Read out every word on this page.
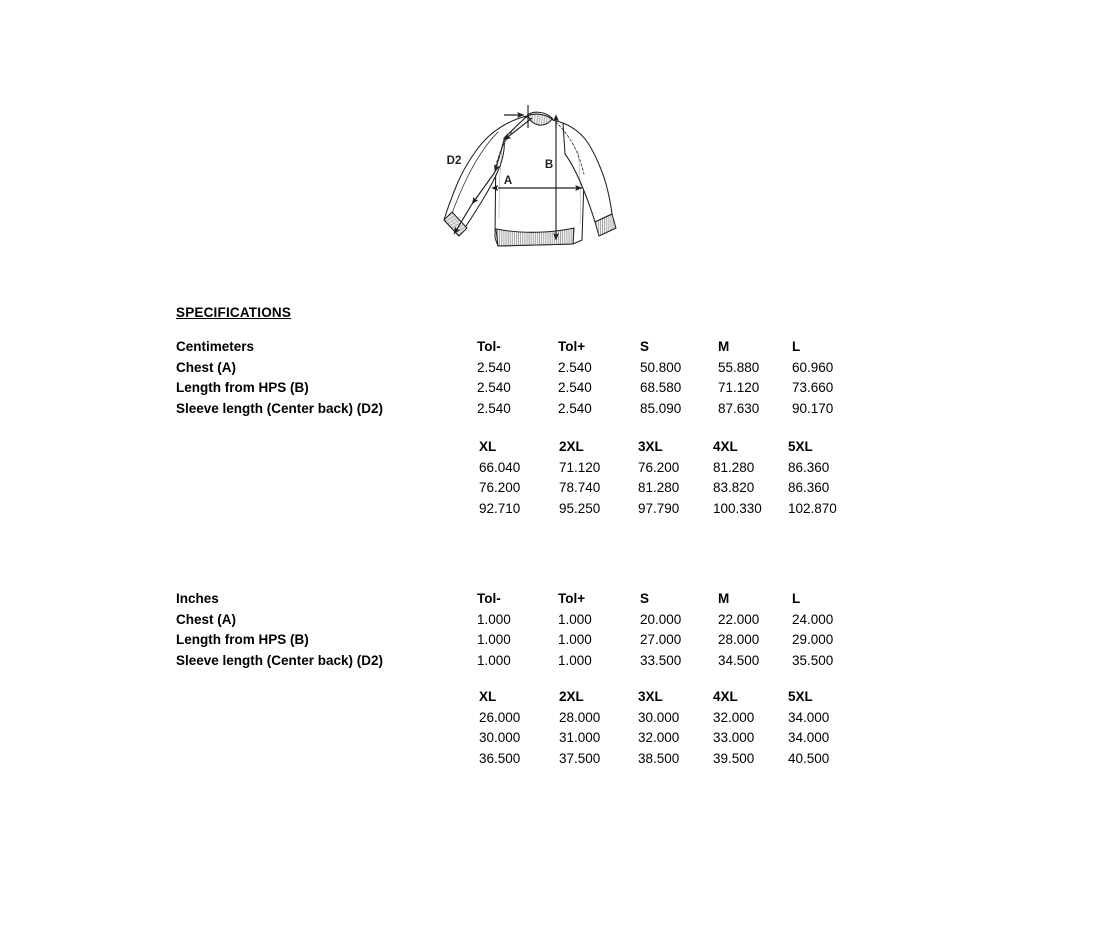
A
B
D2
SPECIFICATIONS
Centimeters	Tol-	Tol+	S	M	L
Chest (A)	2.540	2.540	50.800	55.880	60.960
Length from HPS (B)	2.540	2.540	68.580	71.120	73.660
Sleeve length (Center back) (D2)	2.540	2.540	85.090	87.630	90.170
	XL	2XL	3XL	4XL	5XL
	66.040	71.120	76.200	81.280	86.360
	76.200	78.740	81.280	83.820	86.360
	92.710	95.250	97.790	100.330	102.870
Inches	Tol-	Tol+	S	M	L
Chest (A)	1.000	1.000	20.000	22.000	24.000
Length from HPS (B)	1.000	1.000	27.000	28.000	29.000
Sleeve length (Center back) (D2)	1.000	1.000	33.500	34.500	35.500
	XL	2XL	3XL	4XL	5XL
	26.000	28.000	30.000	32.000	34.000
	30.000	31.000	32.000	33.000	34.000
	36.500	37.500	38.500	39.500	40.500
